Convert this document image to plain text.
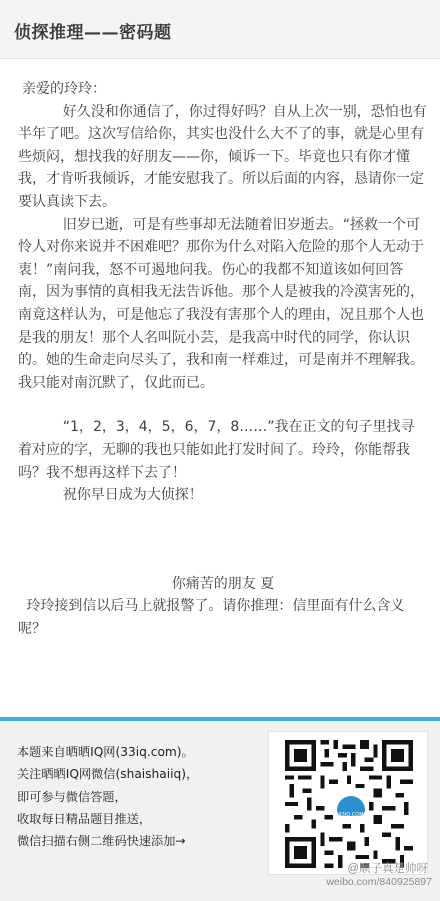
侦探推理——密码题

亲爱的玲玲：

好久没和你通信了，你过得好吗？自从上次一别，恐怕也有半年了吧。这次写信给你，其实也没什么大不了的事，就是心里有些烦闷，想找我的好朋友——你，倾诉一下。毕竟也只有你才懂我，才肯听我倾诉，才能安慰我了。所以后面的内容，恳请你一定要认真读下去。

旧岁已逝，可是有些事却无法随着旧岁逝去。“拯救一个可怜人对你来说并不困难吧？那你为什么对陷入危险的那个人无动于衷！”南问我，怒不可遏地问我。伤心的我都不知道该如何回答南，因为事情的真相我无法告诉他。那个人是被我的冷漠害死的，南竟这样认为，可是他忘了我没有害那个人的理由，况且那个人也是我的朋友！那个人名叫阮小芸，是我高中时代的同学，你认识的。她的生命走向尽头了，我和南一样难过，可是南并不理解我。我只能对南沉默了，仅此而已。

“1，2，3，4，5，6，7，8……”我在正文的句子里找寻着对应的字，无聊的我也只能如此打发时间了。玲玲，你能帮我吗？我不想再这样下去了！

祝你早日成为大侦探！

你痛苦的朋友 夏

玲玲接到信以后马上就报警了。请你推理：信里面有什么含义呢？

本题来自晒晒IQ网(33iq.com)。
关注晒晒IQ网微信(shaishaiiq)，
即可参与微信答题，
收取每日精品题目推送，
微信扫描右侧二维码快速添加→
33IQ.COM
@顺子真是帅呀
weibo.com/840925897
